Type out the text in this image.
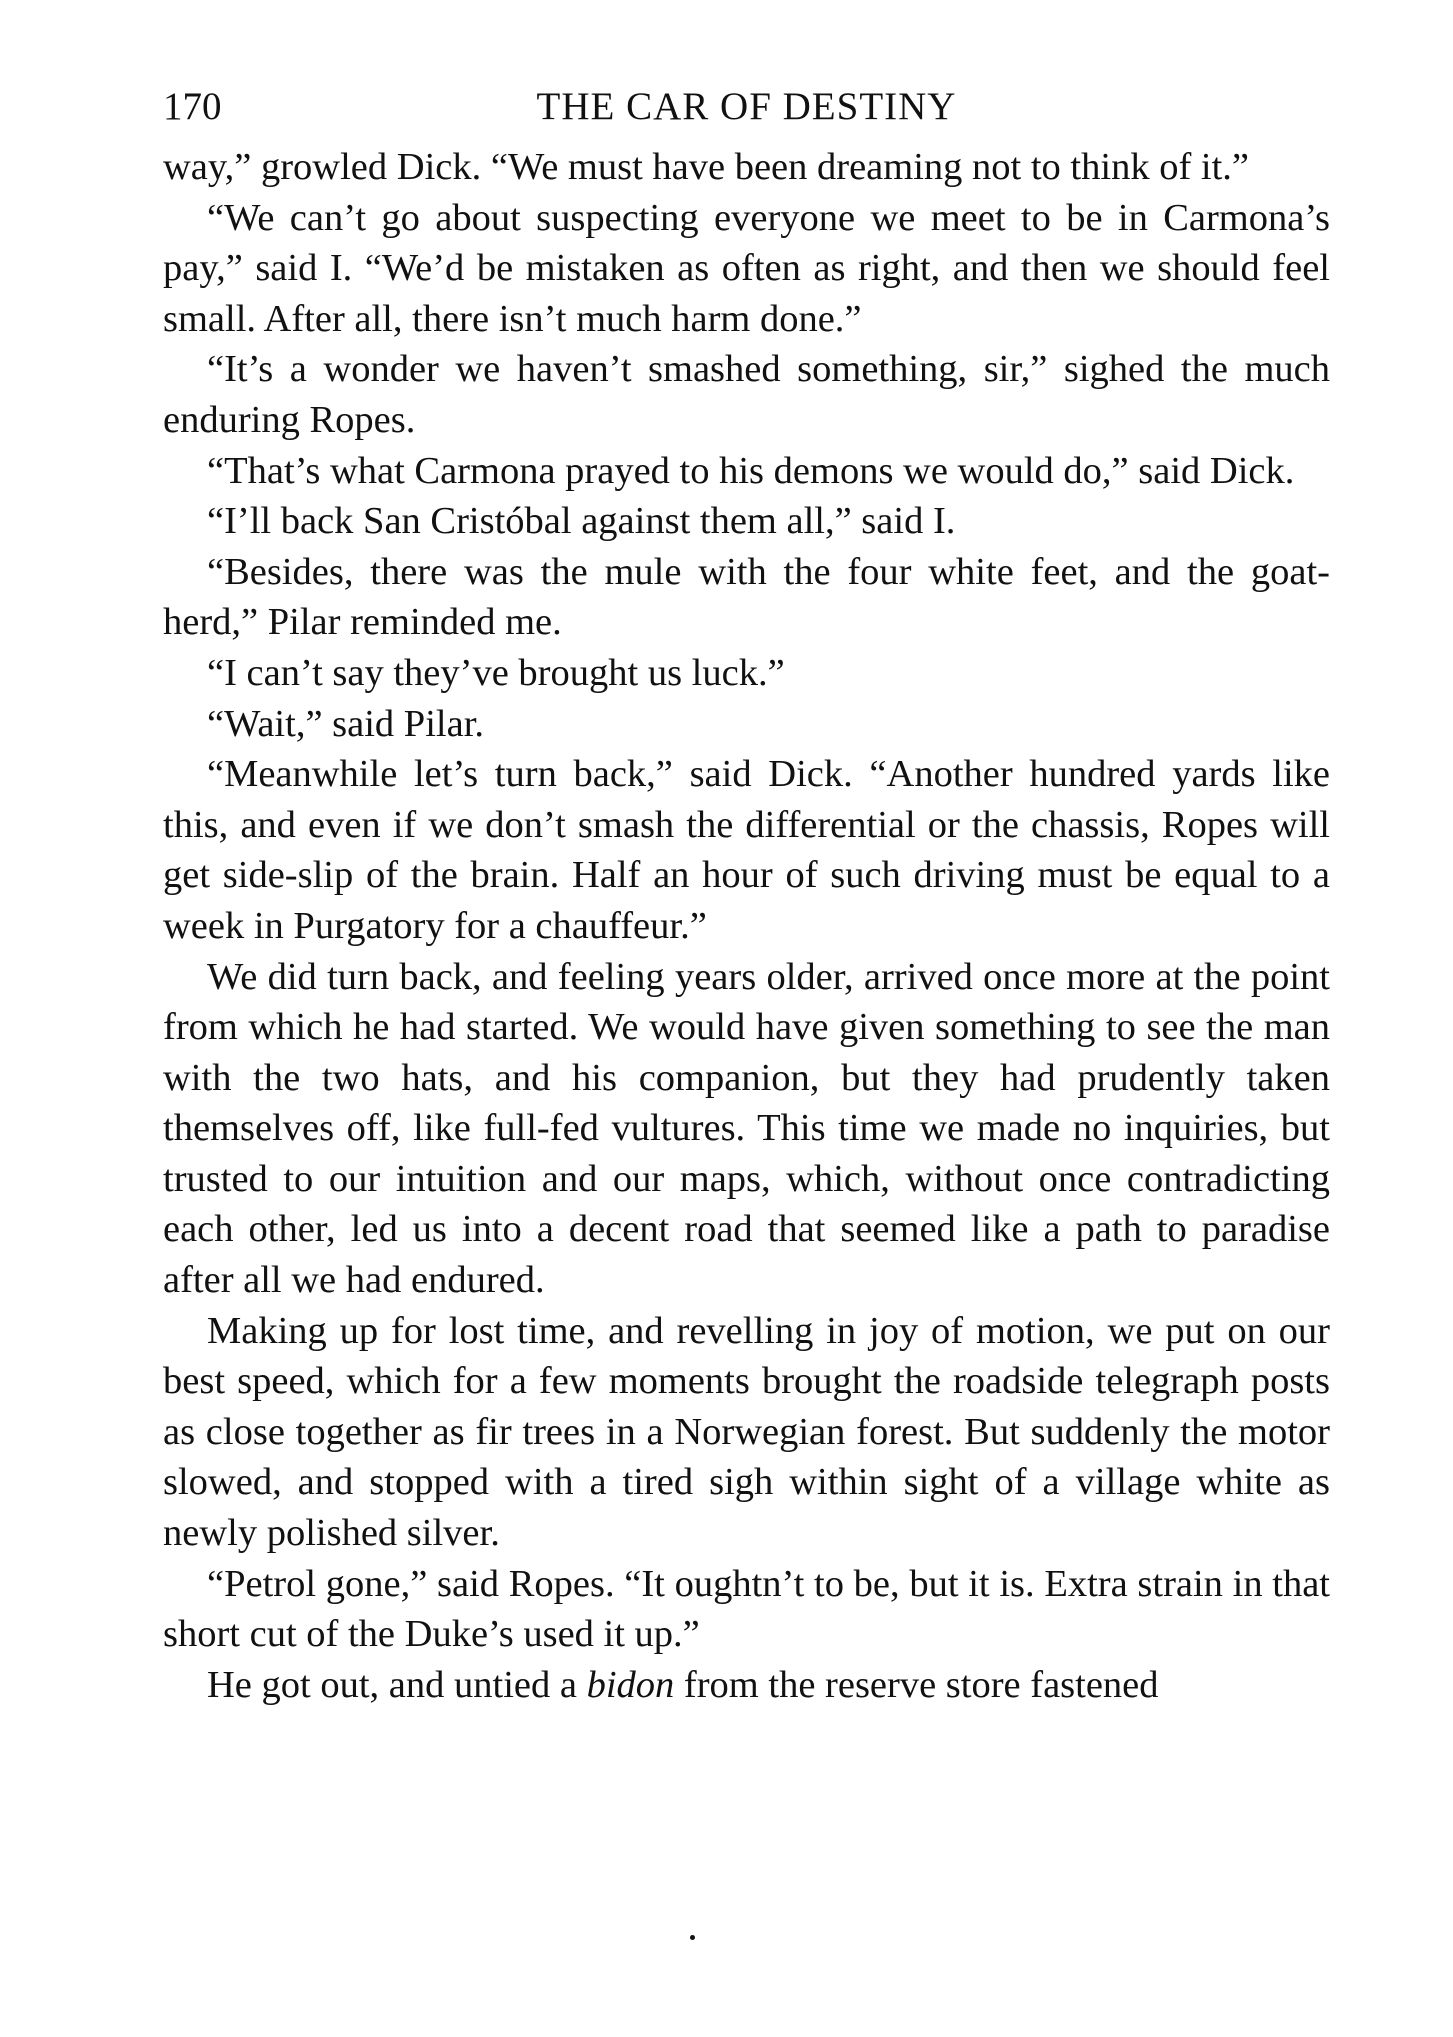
170	THE CAR OF DESTINY

way,” growled Dick. “We must have been dreaming not to think of it.”

“We can’t go about suspecting everyone we meet to be in Carmona’s pay,” said I. “We’d be mistaken as often as right, and then we should feel small. After all, there isn’t much harm done.”

“It’s a wonder we haven’t smashed something, sir,” sighed the much enduring Ropes.

“That’s what Carmona prayed to his demons we would do,” said Dick.

“I’ll back San Cristóbal against them all,” said I.

“Besides, there was the mule with the four white feet, and the goat-herd,” Pilar reminded me.

“I can’t say they’ve brought us luck.”

“Wait,” said Pilar.

“Meanwhile let’s turn back,” said Dick. “Another hundred yards like this, and even if we don’t smash the differential or the chassis, Ropes will get side-slip of the brain. Half an hour of such driving must be equal to a week in Purgatory for a chauffeur.”

We did turn back, and feeling years older, arrived once more at the point from which he had started. We would have given something to see the man with the two hats, and his companion, but they had prudently taken themselves off, like full-fed vultures. This time we made no inquiries, but trusted to our intuition and our maps, which, without once contradicting each other, led us into a decent road that seemed like a path to paradise after all we had endured.

Making up for lost time, and revelling in joy of motion, we put on our best speed, which for a few moments brought the roadside telegraph posts as close together as fir trees in a Norwegian forest. But suddenly the motor slowed, and stopped with a tired sigh within sight of a village white as newly polished silver.

“Petrol gone,” said Ropes. “It oughtn’t to be, but it is. Extra strain in that short cut of the Duke’s used it up.”

He got out, and untied a bidon from the reserve store fastened
